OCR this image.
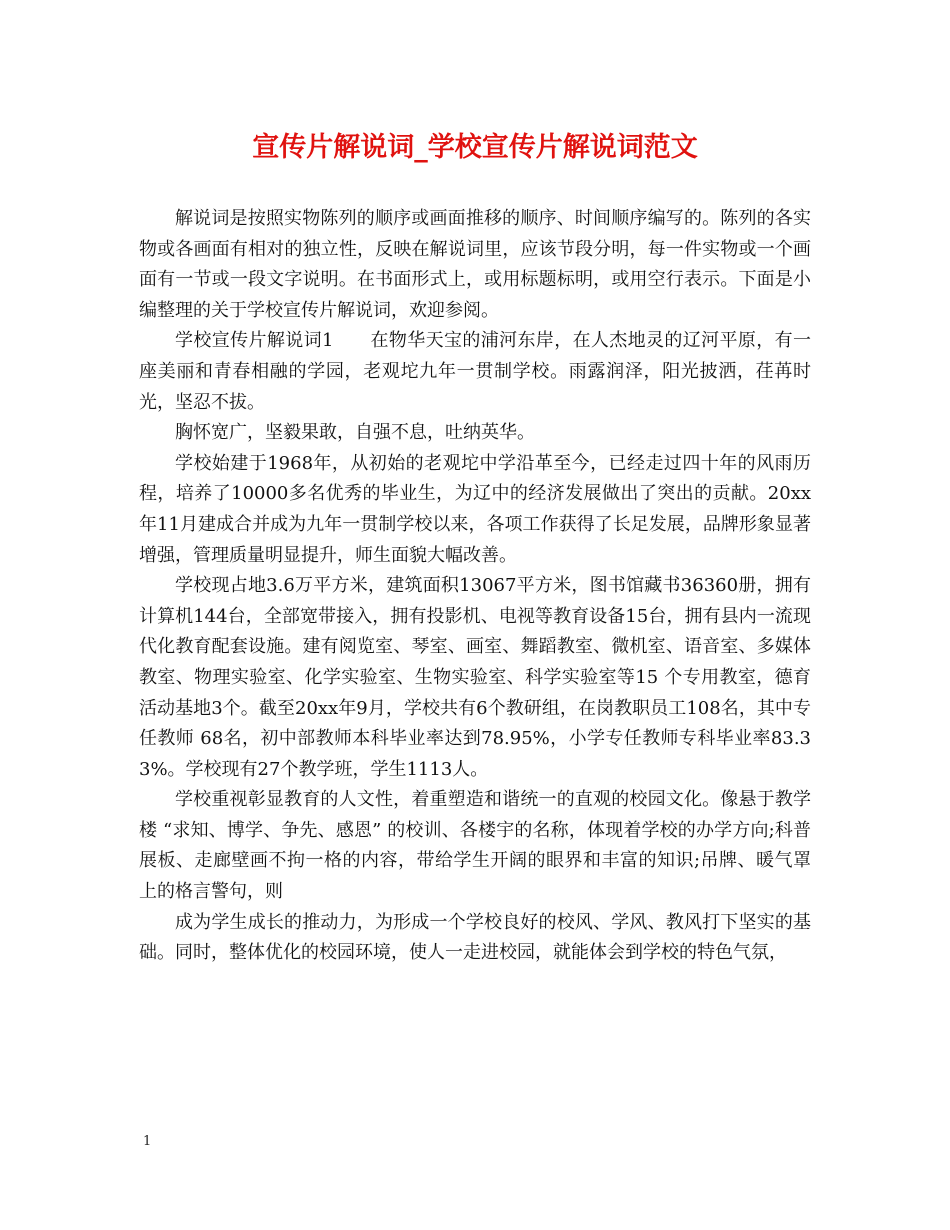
宣传片解说词_学校宣传片解说词范文

解说词是按照实物陈列的顺序或画面推移的顺序、时间顺序编写的。陈列的各实物或各画面有相对的独立性，反映在解说词里，应该节段分明，每一件实物或一个画面有一节或一段文字说明。在书面形式上，或用标题标明，或用空行表示。下面是小编整理的关于学校宣传片解说词，欢迎参阅。

学校宣传片解说词1　　在物华天宝的浦河东岸，在人杰地灵的辽河平原，有一座美丽和青春相融的学园，老观坨九年一贯制学校。雨露润泽，阳光披洒，荏苒时光，坚忍不拔。

胸怀宽广，坚毅果敢，自强不息，吐纳英华。

学校始建于1968年，从初始的老观坨中学沿革至今，已经走过四十年的风雨历程，培养了10000多名优秀的毕业生，为辽中的经济发展做出了突出的贡献。20xx年11月建成合并成为九年一贯制学校以来，各项工作获得了长足发展，品牌形象显著增强，管理质量明显提升，师生面貌大幅改善。

学校现占地3.6万平方米，建筑面积13067平方米，图书馆藏书36360册，拥有计算机144台，全部宽带接入，拥有投影机、电视等教育设备15台，拥有县内一流现代化教育配套设施。建有阅览室、琴室、画室、舞蹈教室、微机室、语音室、多媒体教室、物理实验室、化学实验室、生物实验室、科学实验室等15 个专用教室，德育活动基地3个。截至20xx年9月，学校共有6个教研组，在岗教职员工108名，其中专任教师 68名，初中部教师本科毕业率达到78.95%，小学专任教师专科毕业率83.33%。学校现有27个教学班，学生1113人。

学校重视彰显教育的人文性，着重塑造和谐统一的直观的校园文化。像悬于教学楼 “求知、博学、争先、感恩” 的校训、各楼宇的名称，体现着学校的办学方向;科普展板、走廊壁画不拘一格的内容，带给学生开阔的眼界和丰富的知识;吊牌、暖气罩上的格言警句，则

成为学生成长的推动力，为形成一个学校良好的校风、学风、教风打下坚实的基础。同时，整体优化的校园环境，使人一走进校园，就能体会到学校的特色气氛，

1
